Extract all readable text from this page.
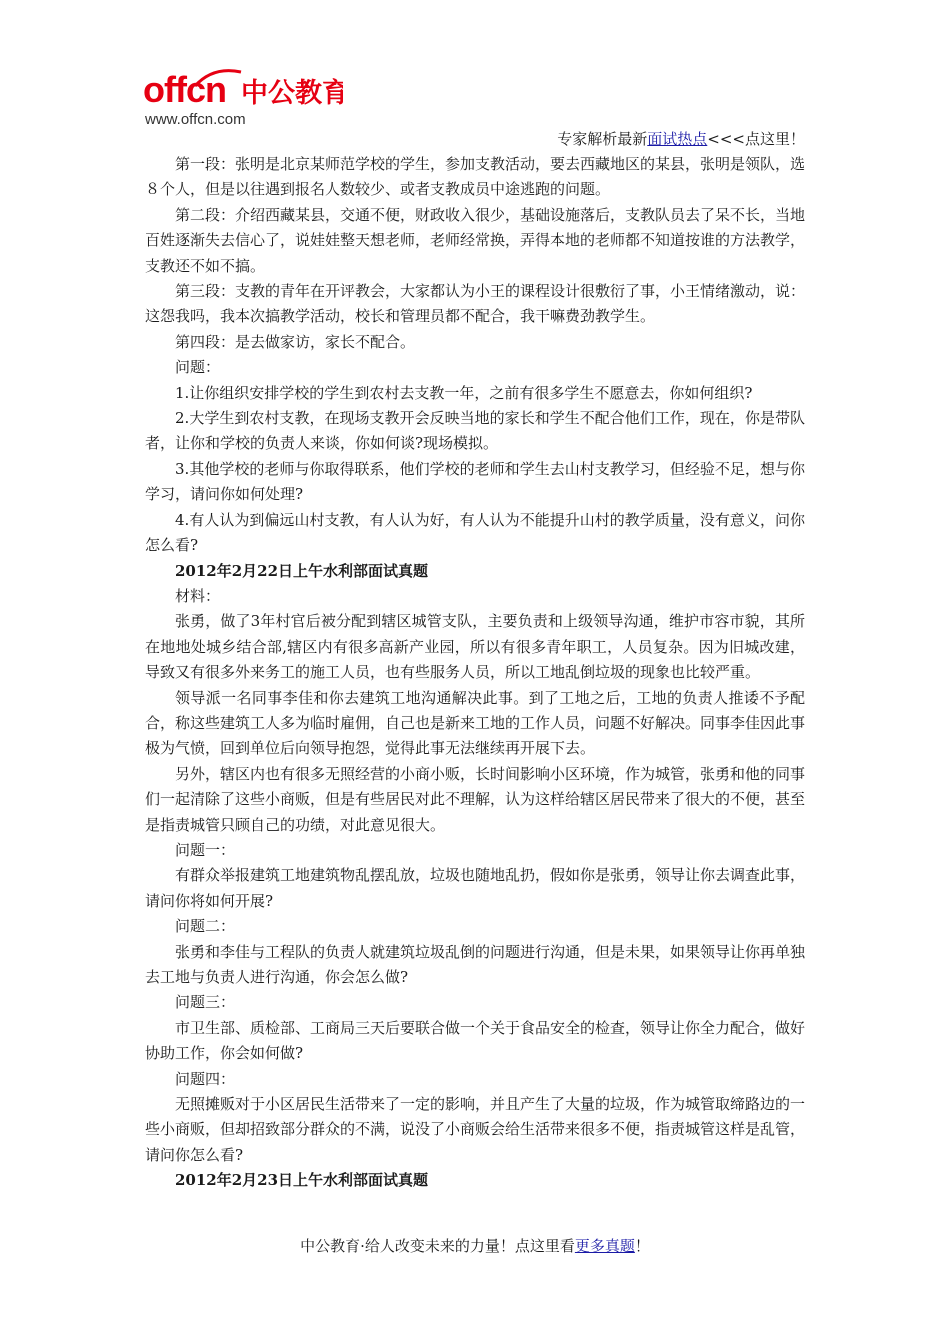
offcn 中公教育
www.offcn.com
专家解析最新面试热点<<<点这里！

第一段：张明是北京某师范学校的学生，参加支教活动，要去西藏地区的某县，张明是领队，选８个人，但是以往遇到报名人数较少、或者支教成员中途逃跑的问题。

第二段：介绍西藏某县，交通不便，财政收入很少，基础设施落后，支教队员去了呆不长，当地百姓逐渐失去信心了，说娃娃整天想老师，老师经常换，弄得本地的老师都不知道按谁的方法教学，支教还不如不搞。

第三段：支教的青年在开评教会，大家都认为小王的课程设计很敷衍了事，小王情绪激动，说：这怨我吗，我本次搞教学活动，校长和管理员都不配合，我干嘛费劲教学生。

第四段：是去做家访，家长不配合。

问题：

1.让你组织安排学校的学生到农村去支教一年，之前有很多学生不愿意去，你如何组织?

2.大学生到农村支教，在现场支教开会反映当地的家长和学生不配合他们工作，现在，你是带队者，让你和学校的负责人来谈，你如何谈?现场模拟。

3.其他学校的老师与你取得联系，他们学校的老师和学生去山村支教学习，但经验不足，想与你学习，请问你如何处理?

4.有人认为到偏远山村支教，有人认为好，有人认为不能提升山村的教学质量，没有意义，问你怎么看?

2012年2月22日上午水利部面试真题

材料：

张勇，做了3年村官后被分配到辖区城管支队，主要负责和上级领导沟通，维护市容市貌，其所在地地处城乡结合部,辖区内有很多高新产业园，所以有很多青年职工，人员复杂。因为旧城改建，导致又有很多外来务工的施工人员，也有些服务人员，所以工地乱倒垃圾的现象也比较严重。

领导派一名同事李佳和你去建筑工地沟通解决此事。到了工地之后，工地的负责人推诿不予配合，称这些建筑工人多为临时雇佣，自己也是新来工地的工作人员，问题不好解决。同事李佳因此事极为气愤，回到单位后向领导抱怨，觉得此事无法继续再开展下去。

另外，辖区内也有很多无照经营的小商小贩，长时间影响小区环境，作为城管，张勇和他的同事们一起清除了这些小商贩，但是有些居民对此不理解，认为这样给辖区居民带来了很大的不便，甚至是指责城管只顾自己的功绩，对此意见很大。

问题一：

有群众举报建筑工地建筑物乱摆乱放，垃圾也随地乱扔，假如你是张勇，领导让你去调查此事，请问你将如何开展?

问题二：

张勇和李佳与工程队的负责人就建筑垃圾乱倒的问题进行沟通，但是未果，如果领导让你再单独去工地与负责人进行沟通，你会怎么做?

问题三：

市卫生部、质检部、工商局三天后要联合做一个关于食品安全的检查，领导让你全力配合，做好协助工作，你会如何做?

问题四：

无照摊贩对于小区居民生活带来了一定的影响，并且产生了大量的垃圾，作为城管取缔路边的一些小商贩，但却招致部分群众的不满，说没了小商贩会给生活带来很多不便，指责城管这样是乱管，请问你怎么看?

2012年2月23日上午水利部面试真题

中公教育·给人改变未来的力量！点这里看更多真题！
